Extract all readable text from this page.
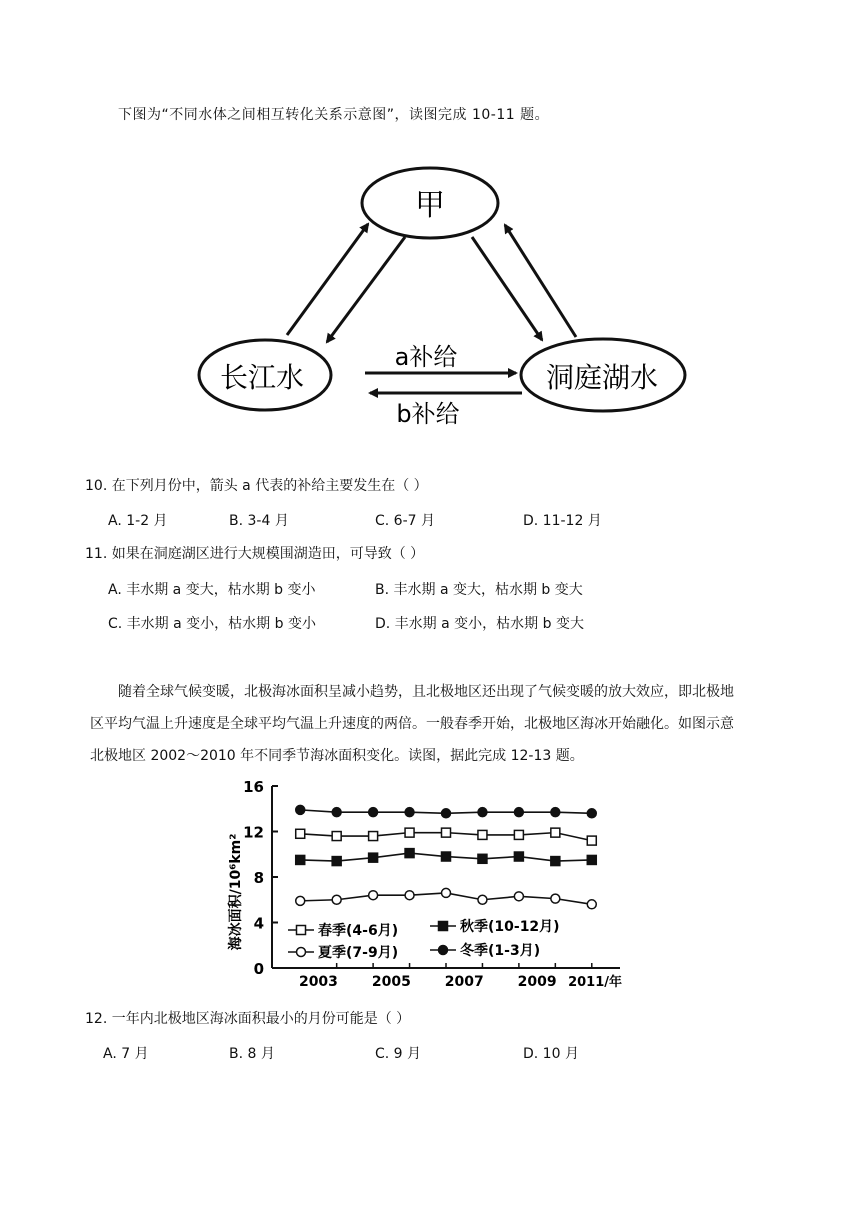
下图为“不同水体之间相互转化关系示意图”，读图完成 10-11 题。
甲
长江水	洞庭湖水
a补给
b补给
10. 在下列月份中，箭头 a 代表的补给主要发生在（ ）
A. 1-2 月	B. 3-4 月	C. 6-7 月	D. 11-12 月
11. 如果在洞庭湖区进行大规模围湖造田，可导致（ ）
A. 丰水期 a 变大，枯水期 b 变小	B. 丰水期 a 变大，枯水期 b 变大
C. 丰水期 a 变小，枯水期 b 变小	D. 丰水期 a 变小，枯水期 b 变大
随着全球气候变暖，北极海冰面积呈减小趋势，且北极地区还出现了气候变暖的放大效应，即北极地
区平均气温上升速度是全球平均气温上升速度的两倍。一般春季开始，北极地区海冰开始融化。如图示意
北极地区 2002～2010 年不同季节海冰面积变化。读图，据此完成 12-13 题。
海冰面积/10⁶km²
0
4
8
12
16
2003 2005 2007 2009 2011/年
春季(4-6月)
夏季(7-9月)
秋季(10-12月)
冬季(1-3月)
12. 一年内北极地区海冰面积最小的月份可能是（ ）
A. 7 月	B. 8 月	C. 9 月	D. 10 月
